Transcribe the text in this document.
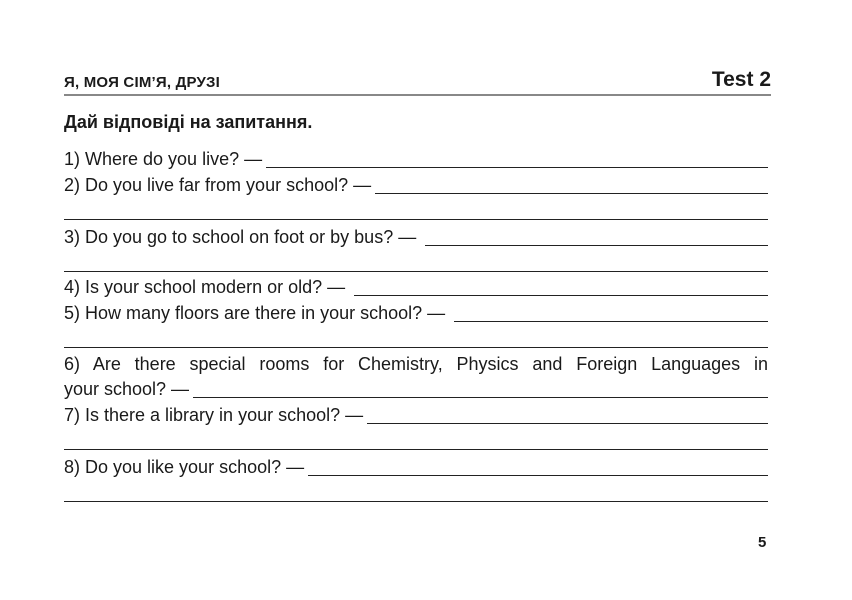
Я, МОЯ СІМ’Я, ДРУЗІ	Test 2
Дай відповіді на запитання.
1) Where do you live? —
2) Do you live far from your school? —
3) Do you go to school on foot or by bus? —
4) Is your school modern or old? —
5) How many floors are there in your school? —
6) Are there special rooms for Chemistry, Physics and Foreign Languages in
your school? —
7) Is there a library in your school? —
8) Do you like your school? —
5
